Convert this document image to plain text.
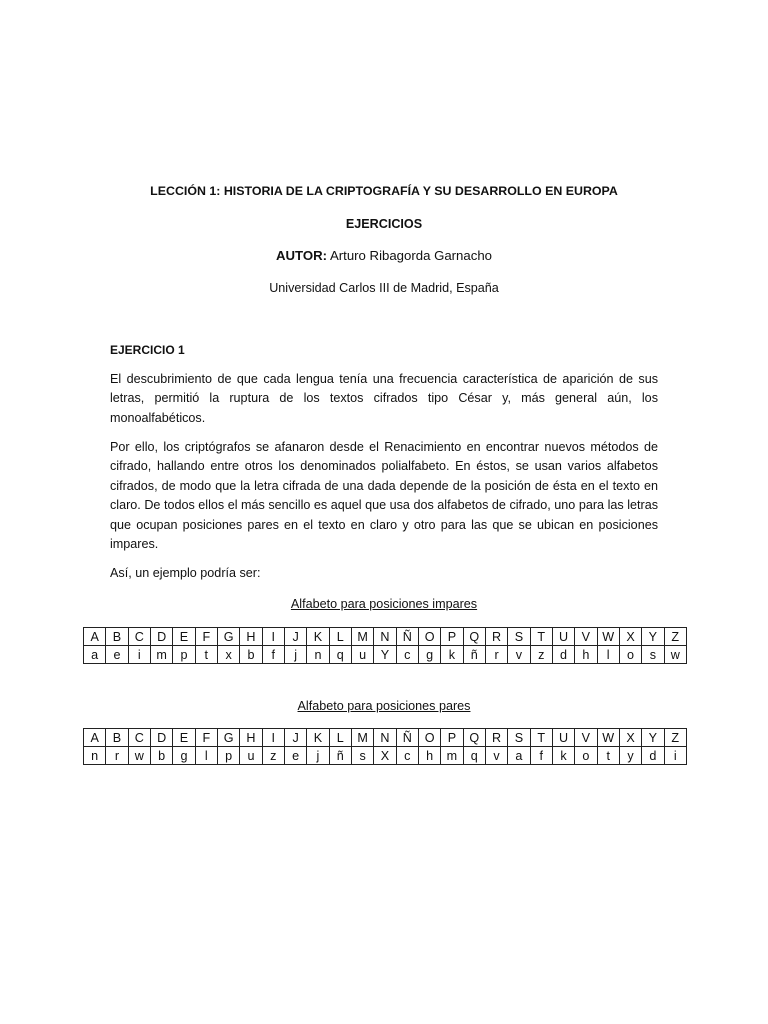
LECCIÓN 1: HISTORIA DE LA CRIPTOGRAFÍA Y SU DESARROLLO EN EUROPA
EJERCICIOS
AUTOR: Arturo Ribagorda Garnacho
Universidad Carlos III de Madrid, España
EJERCICIO 1

El descubrimiento de que cada lengua tenía una frecuencia característica de aparición de sus letras, permitió la ruptura de los textos cifrados tipo César y, más general aún, los monoalfabéticos.

Por ello, los criptógrafos se afanaron desde el Renacimiento en encontrar nuevos métodos de cifrado, hallando entre otros los denominados polialfabeto. En éstos, se usan varios alfabetos cifrados, de modo que la letra cifrada de una dada depende de la posición de ésta en el texto en claro. De todos ellos el más sencillo es aquel que usa dos alfabetos de cifrado, uno para las letras que ocupan posiciones pares en el texto en claro y otro para las que se ubican en posiciones impares.

Así, un ejemplo podría ser:

Alfabeto para posiciones impares
A	B	C	D	E	F	G	H	I	J	K	L	M	N	Ñ	O	P	Q	R	S	T	U	V	W	X	Y	Z
a	e	i	m	p	t	x	b	f	j	n	q	u	Y	c	g	k	ñ	r	v	z	d	h	l	o	s	w
Alfabeto para posiciones pares
A	B	C	D	E	F	G	H	I	J	K	L	M	N	Ñ	O	P	Q	R	S	T	U	V	W	X	Y	Z
n	r	w	b	g	l	p	u	z	e	j	ñ	s	X	c	h	m	q	v	a	f	k	o	t	y	d	i
